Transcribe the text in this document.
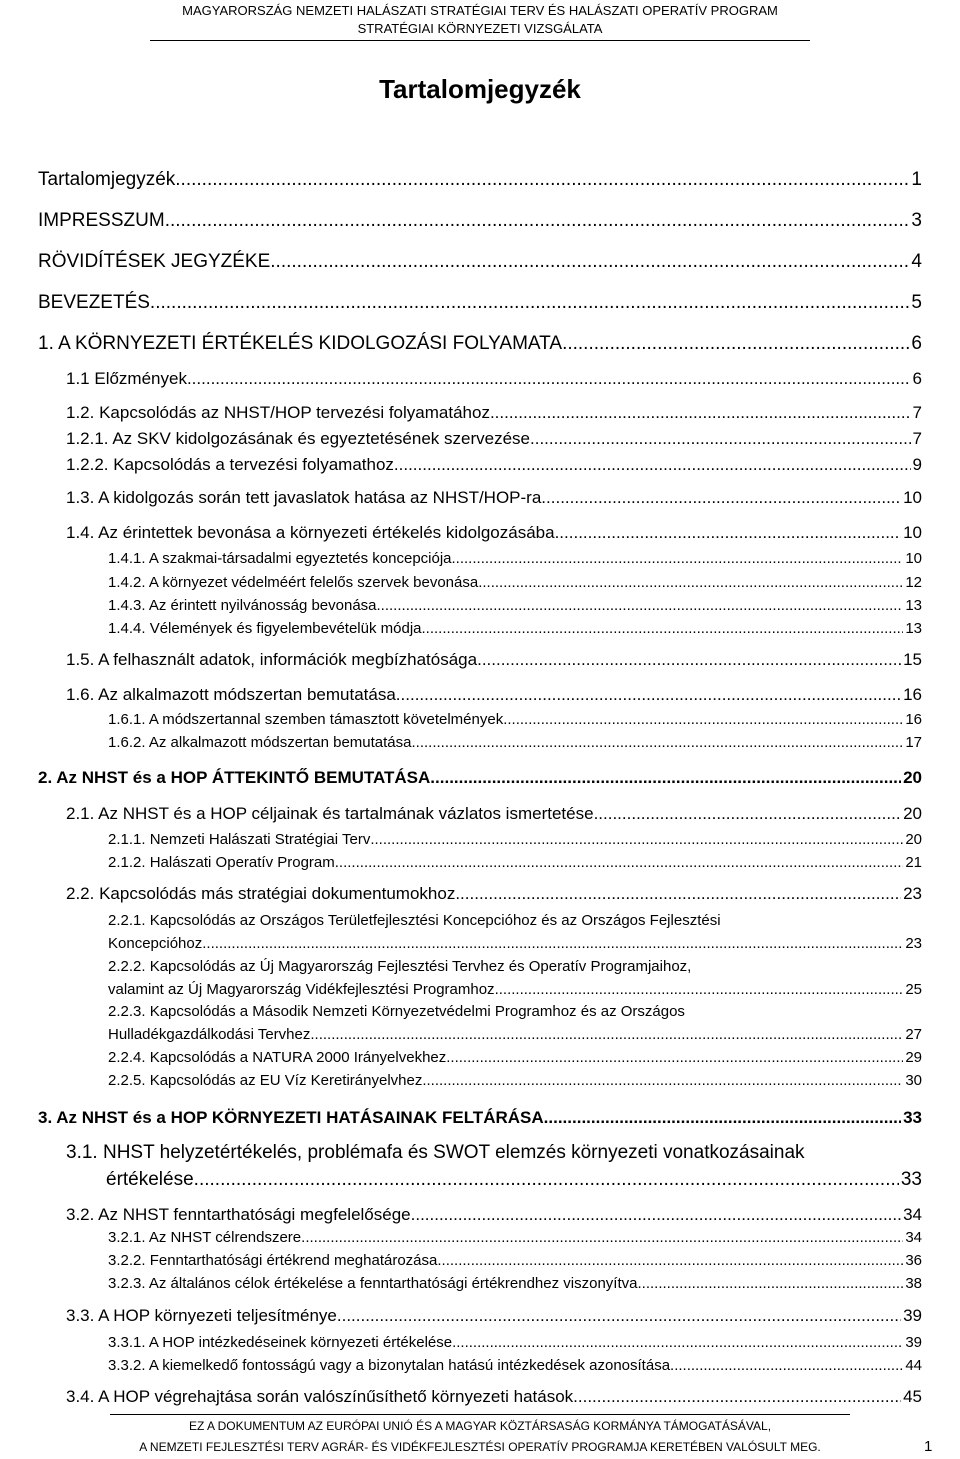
MAGYARORSZÁG NEMZETI HALÁSZATI STRATÉGIAI TERV ÉS HALÁSZATI OPERATÍV PROGRAM
STRATÉGIAI KÖRNYEZETI VIZSGÁLATA
Tartalomjegyzék
Tartalomjegyzék .....	1
IMPRESSZUM .....	3
RÖVIDÍTÉSEK JEGYZÉKE .....	4
BEVEZETÉS .....	5
1. A KÖRNYEZETI ÉRTÉKELÉS KIDOLGOZÁSI FOLYAMATA .....	6
1.1 Előzmények .....	6
1.2. Kapcsolódás az NHST/HOP tervezési folyamatához .....	7
1.2.1. Az SKV kidolgozásának és egyeztetésének szervezése .....	7
1.2.2. Kapcsolódás a tervezési folyamathoz .....	9
1.3. A kidolgozás során tett javaslatok hatása az NHST/HOP-ra .....	10
1.4. Az érintettek bevonása a környezeti értékelés kidolgozásába .....	10
1.4.1. A szakmai-társadalmi egyeztetés koncepciója .....	10
1.4.2. A környezet védelméért felelős szervek bevonása .....	12
1.4.3. Az érintett nyilvánosság bevonása .....	13
1.4.4. Vélemények és figyelembevételük módja .....	13
1.5. A felhasznált adatok, információk megbízhatósága .....	15
1.6. Az alkalmazott módszertan bemutatása .....	16
1.6.1. A módszertannal szemben támasztott követelmények .....	16
1.6.2. Az alkalmazott módszertan bemutatása .....	17
2. Az NHST és a HOP ÁTTEKINTŐ BEMUTATÁSA .....	20
2.1. Az NHST és a HOP céljainak és tartalmának vázlatos ismertetése .....	20
2.1.1. Nemzeti Halászati Stratégiai Terv .....	20
2.1.2. Halászati Operatív Program .....	21
2.2. Kapcsolódás más stratégiai dokumentumokhoz .....	23
2.2.1. Kapcsolódás az Országos Területfejlesztési Koncepcióhoz és az Országos Fejlesztési
Koncepcióhoz .....	23
2.2.2. Kapcsolódás az Új Magyarország Fejlesztési Tervhez és Operatív Programjaihoz,
valamint az Új Magyarország Vidékfejlesztési Programhoz .....	25
2.2.3. Kapcsolódás a Második Nemzeti Környezetvédelmi Programhoz és az Országos
Hulladékgazdálkodási Tervhez .....	27
2.2.4. Kapcsolódás a NATURA 2000 Irányelvekhez .....	29
2.2.5. Kapcsolódás az EU Víz Keretirányelvhez .....	30
3. Az NHST és a HOP KÖRNYEZETI HATÁSAINAK FELTÁRÁSA .....	33
3.1. NHST helyzetértékelés, problémafa és SWOT elemzés környezeti vonatkozásainak
értékelése .....	33
3.2. Az NHST fenntarthatósági megfelelősége .....	34
3.2.1. Az NHST célrendszere .....	34
3.2.2. Fenntarthatósági értékrend meghatározása .....	36
3.2.3. Az általános célok értékelése a fenntarthatósági értékrendhez viszonyítva .....	38
3.3. A HOP környezeti teljesítménye .....	39
3.3.1. A HOP intézkedéseinek környezeti értékelése .....	39
3.3.2. A kiemelkedő fontosságú vagy a bizonytalan hatású intézkedések azonosítása .....	44
3.4. A HOP végrehajtása során valószínűsíthető környezeti hatások .....	45
EZ A DOKUMENTUM AZ EURÓPAI UNIÓ ÉS A MAGYAR KÖZTÁRSASÁG KORMÁNYA TÁMOGATÁSÁVAL,
A NEMZETI FEJLESZTÉSI TERV AGRÁR- ÉS VIDÉKFEJLESZTÉSI OPERATÍV PROGRAMJA KERETÉBEN VALÓSULT MEG.	1
